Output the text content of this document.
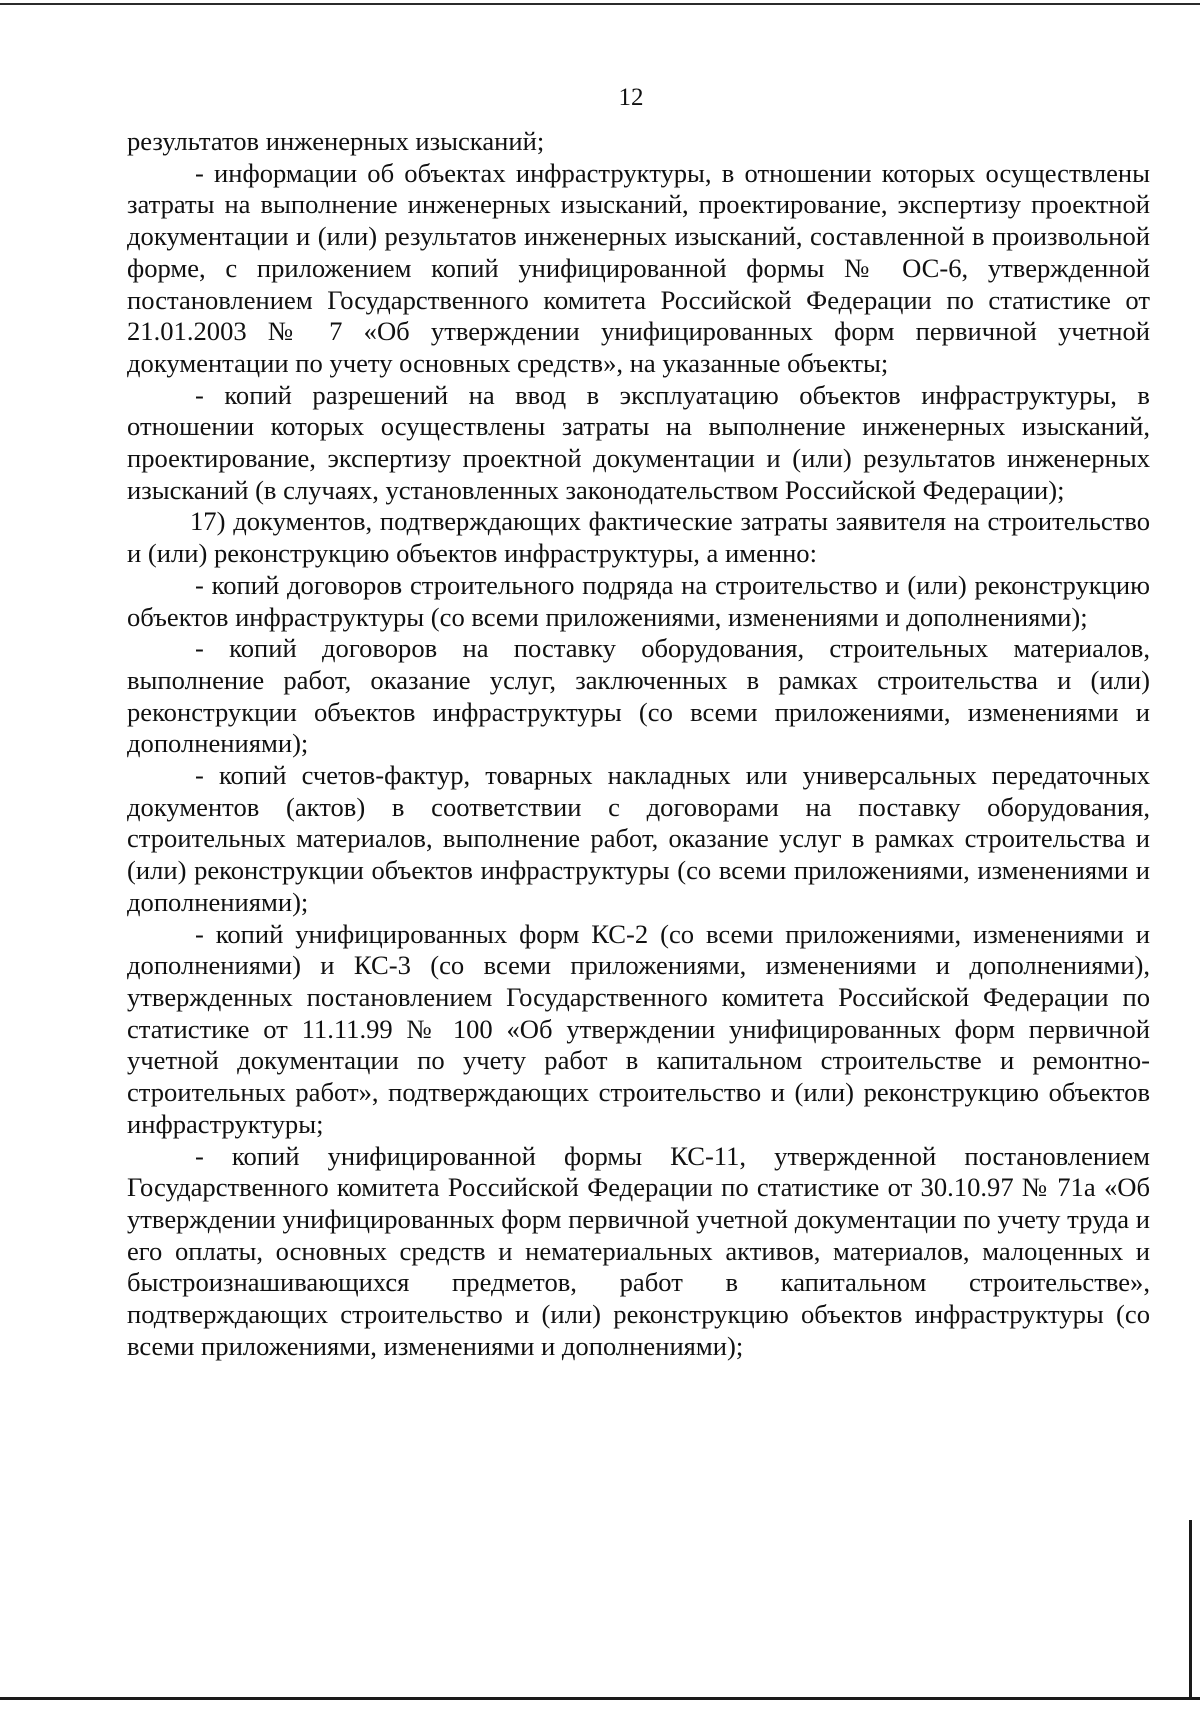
12

результатов инженерных изысканий;

- информации об объектах инфраструктуры, в отношении которых осуществлены затраты на выполнение инженерных изысканий, проектирование, экспертизу проектной документации и (или) результатов инженерных изысканий, составленной в произвольной форме, с приложением копий унифицированной формы № ОС-6, утвержденной постановлением Государственного комитета Российской Федерации по статистике от 21.01.2003 № 7 «Об утверждении унифицированных форм первичной учетной документации по учету основных средств», на указанные объекты;

- копий разрешений на ввод в эксплуатацию объектов инфраструктуры, в отношении которых осуществлены затраты на выполнение инженерных изысканий, проектирование, экспертизу проектной документации и (или) результатов инженерных изысканий (в случаях, установленных законодательством Российской Федерации);

17) документов, подтверждающих фактические затраты заявителя на строительство и (или) реконструкцию объектов инфраструктуры, а именно:

- копий договоров строительного подряда на строительство и (или) реконструкцию объектов инфраструктуры (со всеми приложениями, изменениями и дополнениями);

- копий договоров на поставку оборудования, строительных материалов, выполнение работ, оказание услуг, заключенных в рамках строительства и (или) реконструкции объектов инфраструктуры (со всеми приложениями, изменениями и дополнениями);

- копий счетов-фактур, товарных накладных или универсальных передаточных документов (актов) в соответствии с договорами на поставку оборудования, строительных материалов, выполнение работ, оказание услуг в рамках строительства и (или) реконструкции объектов инфраструктуры (со всеми приложениями, изменениями и дополнениями);

- копий унифицированных форм КС-2 (со всеми приложениями, изменениями и дополнениями) и КС-3 (со всеми приложениями, изменениями и дополнениями), утвержденных постановлением Государственного комитета Российской Федерации по статистике от 11.11.99 № 100 «Об утверждении унифицированных форм первичной учетной документации по учету работ в капитальном строительстве и ремонтно-строительных работ», подтверждающих строительство и (или) реконструкцию объектов инфраструктуры;

- копий унифицированной формы КС-11, утвержденной постановлением Государственного комитета Российской Федерации по статистике от 30.10.97 № 71а «Об утверждении унифицированных форм первичной учетной документации по учету труда и его оплаты, основных средств и нематериальных активов, материалов, малоценных и быстроизнашивающихся предметов, работ в капитальном строительстве», подтверждающих строительство и (или) реконструкцию объектов инфраструктуры (со всеми приложениями, изменениями и дополнениями);
